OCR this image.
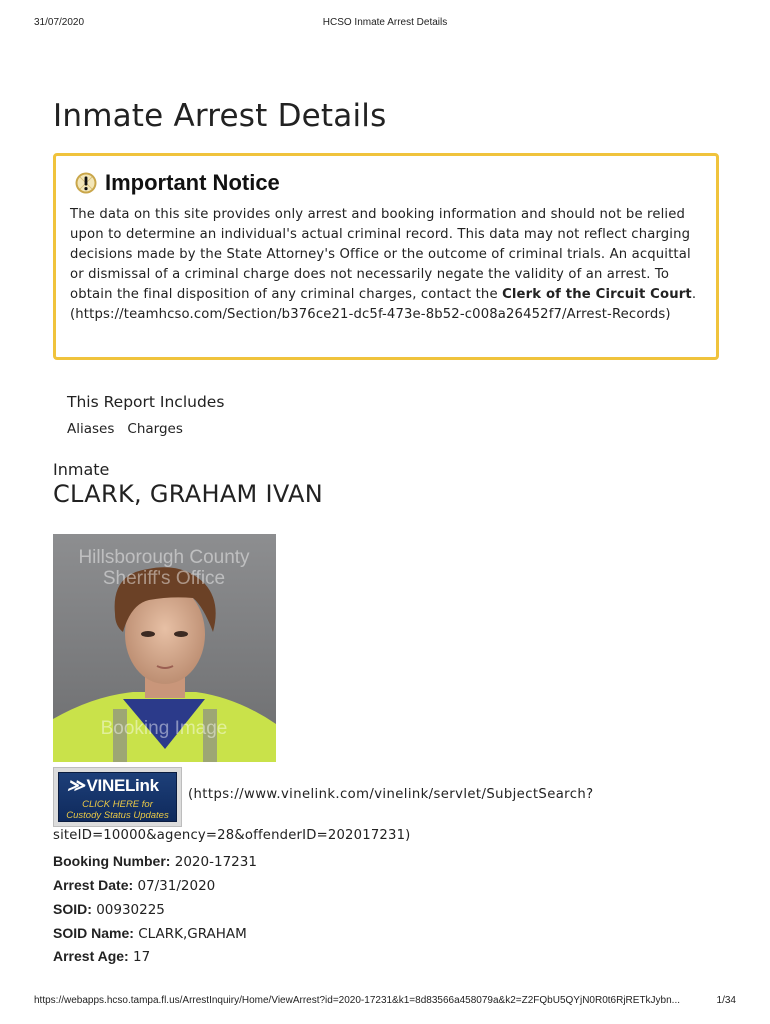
31/07/2020	HCSO Inmate Arrest Details
Inmate Arrest Details
Important Notice

The data on this site provides only arrest and booking information and should not be relied upon to determine an individual's actual criminal record. This data may not reflect charging decisions made by the State Attorney's Office or the outcome of criminal trials. An acquittal or dismissal of a criminal charge does not necessarily negate the validity of an arrest. To obtain the final disposition of any criminal charges, contact the Clerk of the Circuit Court. (https://teamhcso.com/Section/b376ce21-dc5f-473e-8b52-c008a26452f7/Arrest-Records)

This Report Includes
Aliases Charges
Inmate
CLARK, GRAHAM IVAN
Hillsborough County
Sheriff's Office
Booking Image
≫ VINELink
CLICK HERE for
Custody Status Updates
(https://www.vinelink.com/vinelink/servlet/SubjectSearch?
siteID=10000&agency=28&offenderID=202017231)
Booking Number: 2020-17231
Arrest Date: 07/31/2020
SOID: 00930225
SOID Name: CLARK,GRAHAM
Arrest Age: 17
https://webapps.hcso.tampa.fl.us/ArrestInquiry/Home/ViewArrest?id=2020-17231&k1=8d83566a458079a&k2=Z2FQbU5QYjN0R0t6RjRETkJybn...	1/34
